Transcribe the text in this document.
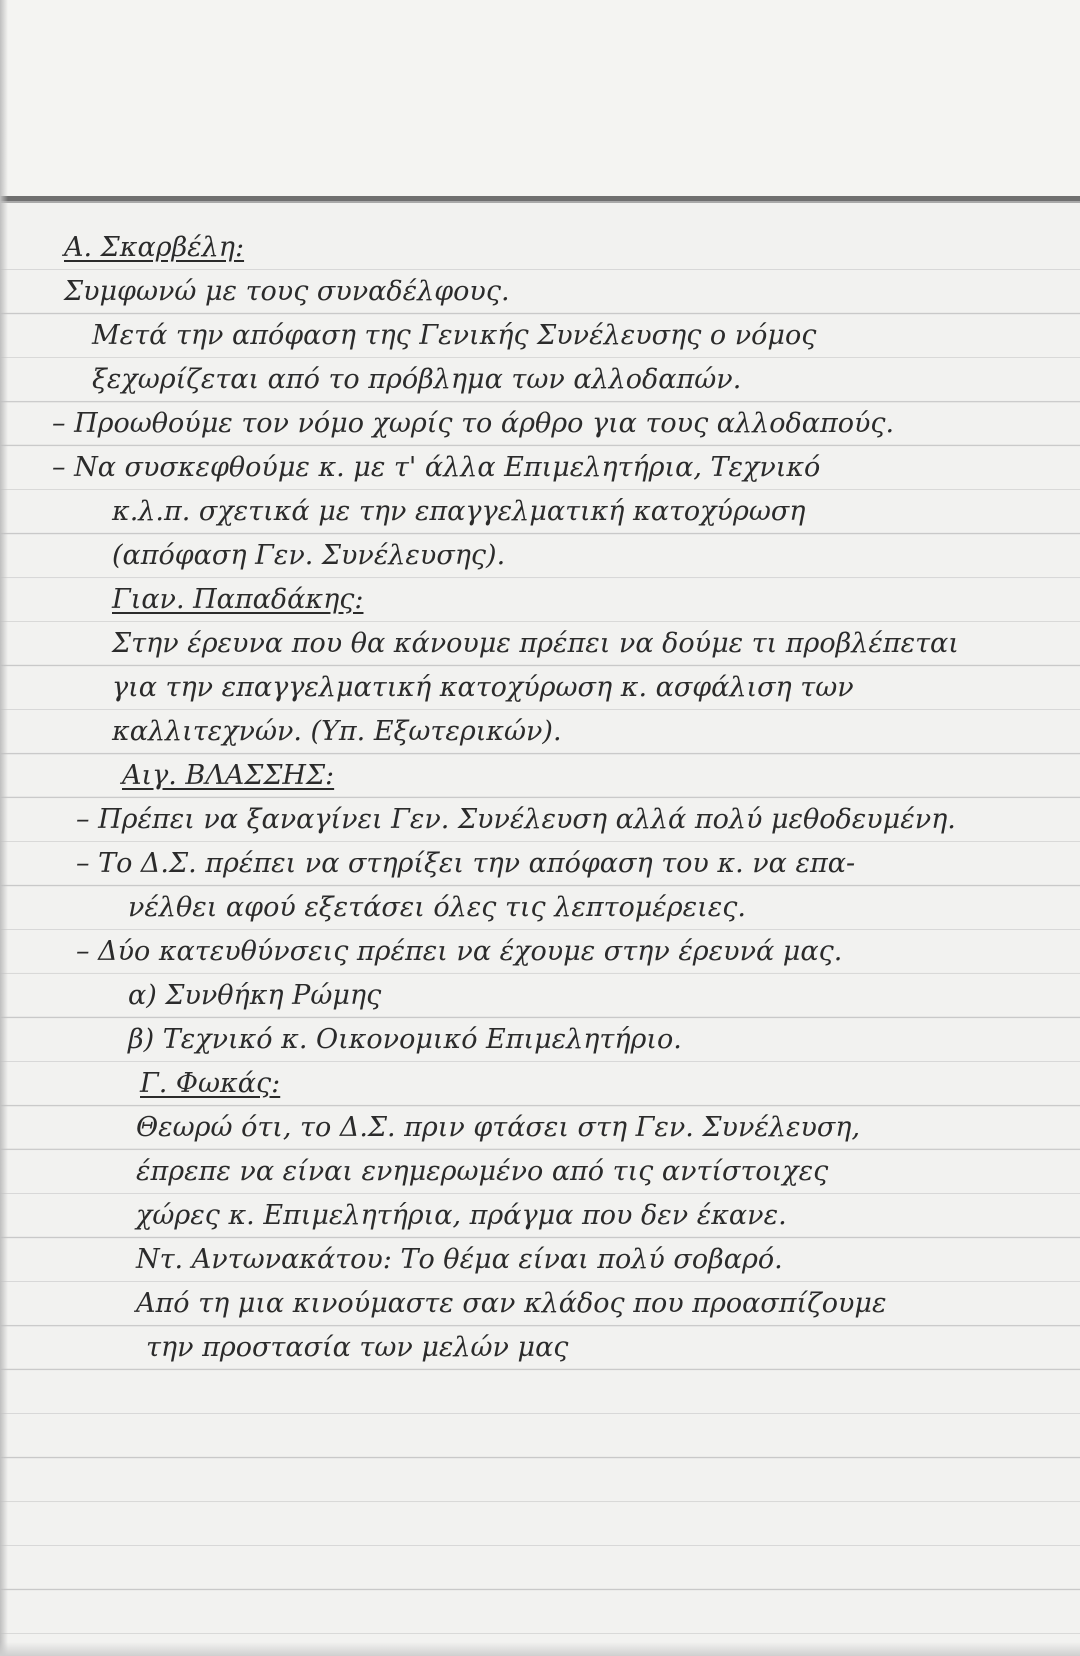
Α. Σκαρβέλη:
Συμφωνώ με τους συναδέλφους.
Μετά την απόφαση της Γενικής Συνέλευσης ο νόμος
ξεχωρίζεται από το πρόβλημα των αλλοδαπών.
– Προωθούμε τον νόμο χωρίς το άρθρο για τους αλλοδαπούς.
– Να συσκεφθούμε κ. με τ' άλλα Επιμελητήρια, Τεχνικό
κ.λ.π. σχετικά με την επαγγελματική κατοχύρωση
(απόφαση Γεν. Συνέλευσης).
Γιαν. Παπαδάκης:
Στην έρευνα που θα κάνουμε πρέπει να δούμε τι προβλέπεται
για την επαγγελματική κατοχύρωση κ. ασφάλιση των
καλλιτεχνών. (Υπ. Εξωτερικών).
Αιγ. ΒΛΑΣΣΗΣ:
– Πρέπει να ξαναγίνει Γεν. Συνέλευση αλλά πολύ μεθοδευμένη.
– Το Δ.Σ. πρέπει να στηρίξει την απόφαση του κ. να επα-
νέλθει αφού εξετάσει όλες τις λεπτομέρειες.
– Δύο κατευθύνσεις πρέπει να έχουμε στην έρευνά μας.
α) Συνθήκη Ρώμης
β) Τεχνικό κ. Οικονομικό Επιμελητήριο.
Γ. Φωκάς:
Θεωρώ ότι, το Δ.Σ. πριν φτάσει στη Γεν. Συνέλευση,
έπρεπε να είναι ενημερωμένο από τις αντίστοιχες
χώρες κ. Επιμελητήρια, πράγμα που δεν έκανε.
Ντ. Αντωνακάτου: Το θέμα είναι πολύ σοβαρό.
Από τη μια κινούμαστε σαν κλάδος που προασπίζουμε
την προστασία των μελών μας
